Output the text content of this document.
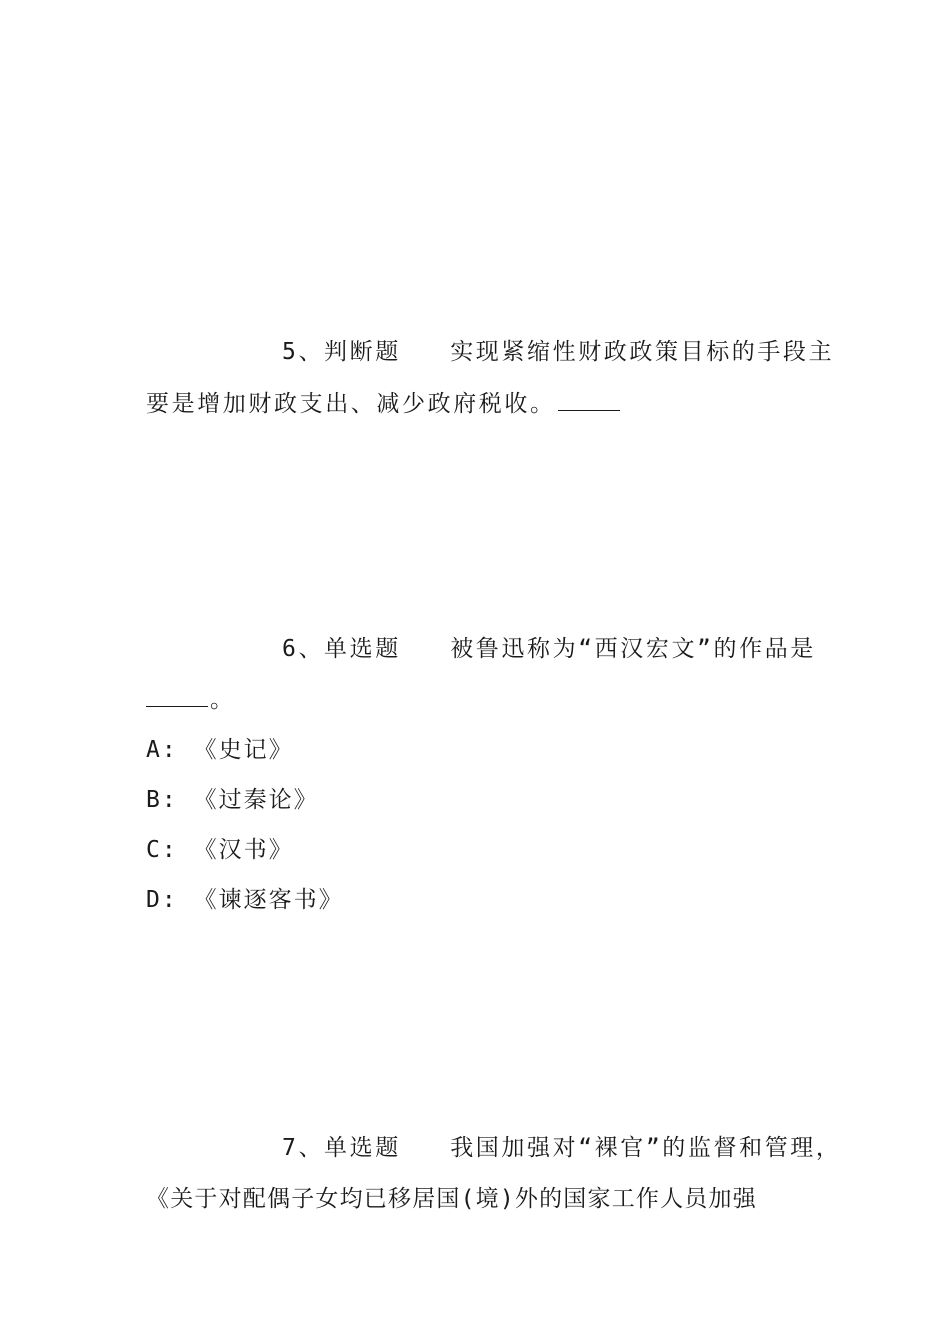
5、判断题 实现紧缩性财政政策目标的手段主
要是增加财政支出、减少政府税收。
6、单选题 被鲁迅称为“西汉宏文”的作品是
。
A: 《史记》
B: 《过秦论》
C: 《汉书》
D: 《谏逐客书》
7、单选题 我国加强对“裸官”的监督和管理，
《关于对配偶子女均已移居国(境)外的国家工作人员加强
